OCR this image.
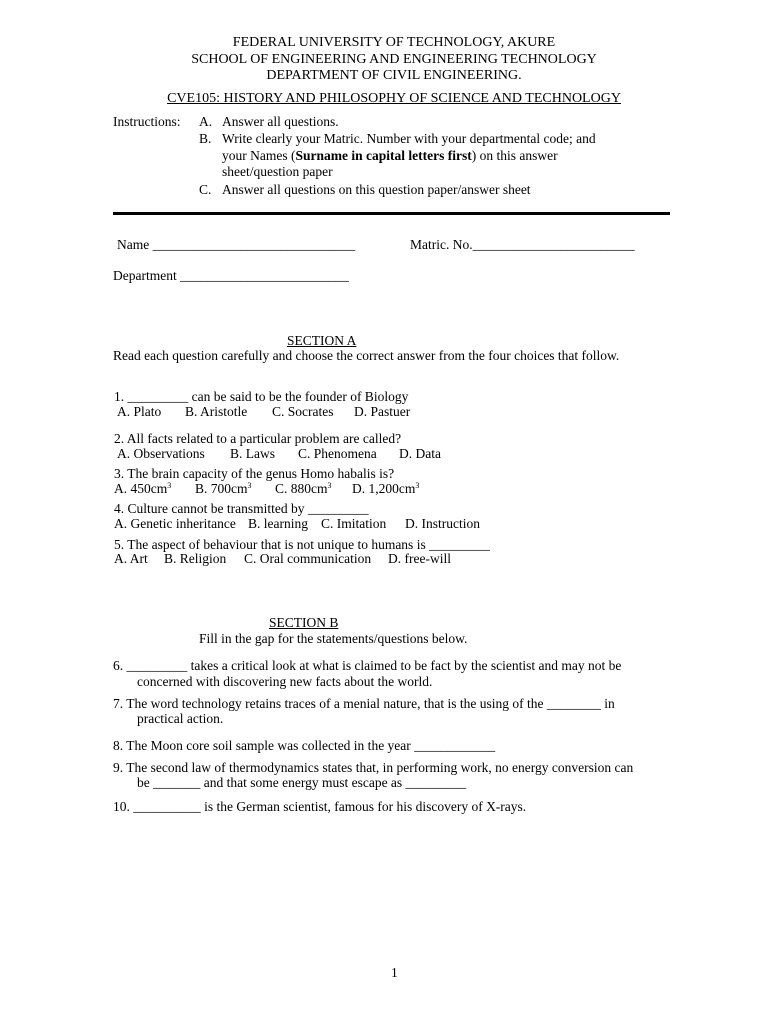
FEDERAL UNIVERSITY OF TECHNOLOGY, AKURE
SCHOOL OF ENGINEERING AND ENGINEERING TECHNOLOGY
DEPARTMENT OF CIVIL ENGINEERING.
CVE105: HISTORY AND PHILOSOPHY OF SCIENCE AND TECHNOLOGY
Instructions: A. Answer all questions.
B. Write clearly your Matric. Number with your departmental code; and
your Names (Surname in capital letters first) on this answer
sheet/question paper
C. Answer all questions on this question paper/answer sheet
Name ______________________________	Matric. No.________________________
Department _________________________
SECTION A
Read each question carefully and choose the correct answer from the four choices that follow.
1. _________ can be said to be the founder of Biology
A. Plato B. Aristotle C. Socrates D. Pastuer
2. All facts related to a particular problem are called?
A. Observations B. Laws C. Phenomena D. Data
3. The brain capacity of the genus Homo habalis is?
A. $450cm^3$ B. $700cm^3$ C. $880cm^3$ D. $1,200cm^3$
4. Culture cannot be transmitted by _________
A. Genetic inheritance B. learning C. Imitation D. Instruction
5. The aspect of behaviour that is not unique to humans is _________
A. Art B. Religion C. Oral communication D. free-will
SECTION B
Fill in the gap for the statements/questions below.
6. _________ takes a critical look at what is claimed to be fact by the scientist and may not be
concerned with discovering new facts about the world.
7. The word technology retains traces of a menial nature, that is the using of the ________ in
practical action.
8. The Moon core soil sample was collected in the year ____________
9. The second law of thermodynamics states that, in performing work, no energy conversion can
be _______ and that some energy must escape as _________
10. __________ is the German scientist, famous for his discovery of X-rays.
1
